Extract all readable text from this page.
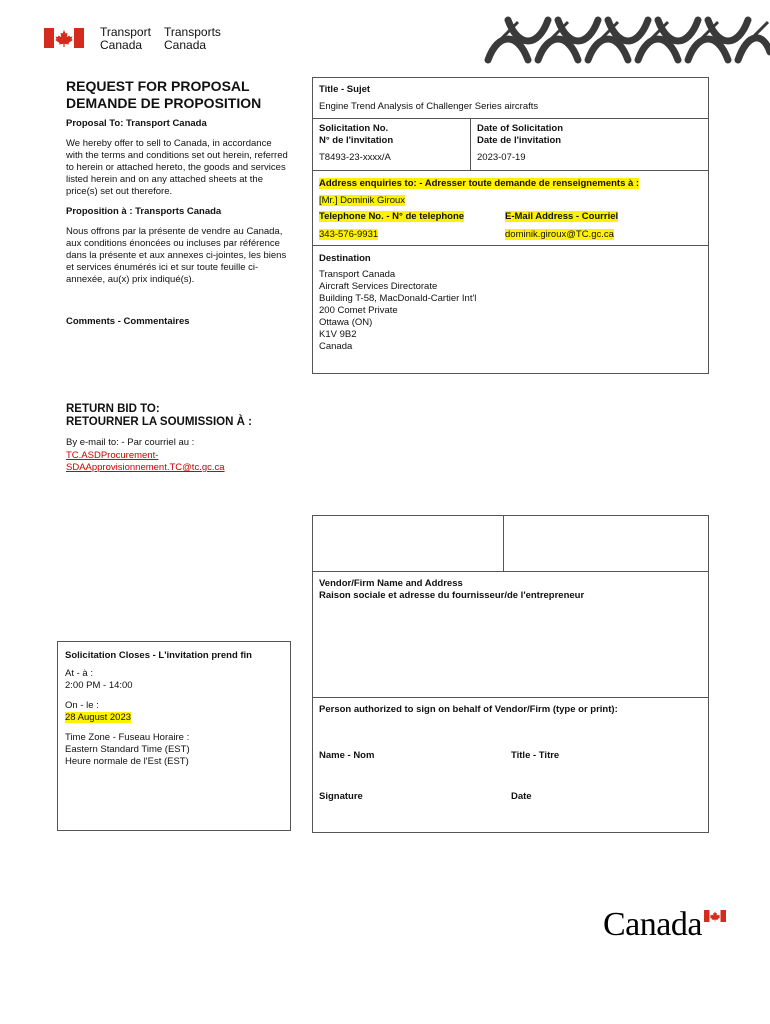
Transport
Canada
Transports
Canada
REQUEST FOR PROPOSAL
DEMANDE DE PROPOSITION
Proposal To: Transport Canada
We hereby offer to sell to Canada, in accordance with the terms and conditions set out herein, referred to herein or attached hereto, the goods and services listed herein and on any attached sheets at the price(s) set out therefore.
Proposition à : Transports Canada
Nous offrons par la présente de vendre au Canada, aux conditions énoncées ou incluses par référence dans la présente et aux annexes ci-jointes, les biens et services énumérés ici et sur toute feuille ci-annexée, au(x) prix indiqué(s).
Comments - Commentaires
Title - Sujet
Engine Trend Analysis of Challenger Series aircrafts
Solicitation No.
N° de l'invitation
T8493-23-xxxx/A
Date of Solicitation
Date de l'invitation
2023-07-19
Address enquiries to: - Adresser toute demande de renseignements à :
[Mr.] Dominik Giroux
Telephone No. - N° de telephone	E-Mail Address - Courriel
343-576-9931	dominik.giroux@TC.gc.ca
Destination
Transport Canada
Aircraft Services Directorate
Building T-58, MacDonald-Cartier Int'l
200 Comet Private
Ottawa (ON)
K1V 9B2
Canada
RETURN BID TO:
RETOURNER LA SOUMISSION À :
By e-mail to: - Par courriel au :
TC.ASDProcurement-
SDAApprovisionnement.TC@tc.gc.ca
Vendor/Firm Name and Address
Raison sociale et adresse du fournisseur/de l'entrepreneur
Person authorized to sign on behalf of Vendor/Firm (type or print):
Name - Nom	Title - Titre
Signature	Date
Solicitation Closes - L'invitation prend fin
At - à :
2:00 PM - 14:00
On - le :
28 August 2023
Time Zone - Fuseau Horaire :
Eastern Standard Time (EST)
Heure normale de l'Est (EST)
Canada
